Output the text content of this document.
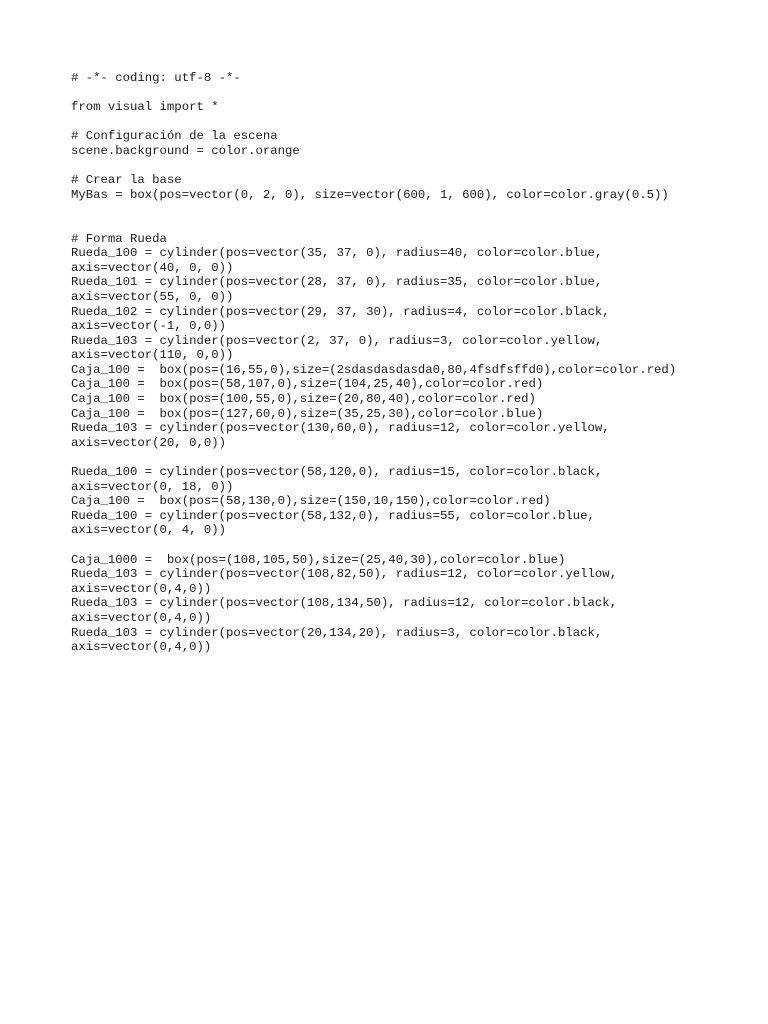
# -*- coding: utf-8 -*-
from visual import *
# Configuración de la escena
scene.background = color.orange
# Crear la base
MyBas = box(pos=vector(0, 2, 0), size=vector(600, 1, 600), color=color.gray(0.5))
# Forma Rueda
Rueda_100 = cylinder(pos=vector(35, 37, 0), radius=40, color=color.blue,
axis=vector(40, 0, 0))
Rueda_101 = cylinder(pos=vector(28, 37, 0), radius=35, color=color.blue,
axis=vector(55, 0, 0))
Rueda_102 = cylinder(pos=vector(29, 37, 30), radius=4, color=color.black,
axis=vector(-1, 0,0))
Rueda_103 = cylinder(pos=vector(2, 37, 0), radius=3, color=color.yellow,
axis=vector(110, 0,0))
Caja_100 =  box(pos=(16,55,0),size=(2sdasdasdasda0,80,4fsdfsffd0),color=color.red)
Caja_100 =  box(pos=(58,107,0),size=(104,25,40),color=color.red)
Caja_100 =  box(pos=(100,55,0),size=(20,80,40),color=color.red)
Caja_100 =  box(pos=(127,60,0),size=(35,25,30),color=color.blue)
Rueda_103 = cylinder(pos=vector(130,60,0), radius=12, color=color.yellow,
axis=vector(20, 0,0))
Rueda_100 = cylinder(pos=vector(58,120,0), radius=15, color=color.black,
axis=vector(0, 18, 0))
Caja_100 =  box(pos=(58,130,0),size=(150,10,150),color=color.red)
Rueda_100 = cylinder(pos=vector(58,132,0), radius=55, color=color.blue,
axis=vector(0, 4, 0))
Caja_1000 =  box(pos=(108,105,50),size=(25,40,30),color=color.blue)
Rueda_103 = cylinder(pos=vector(108,82,50), radius=12, color=color.yellow,
axis=vector(0,4,0))
Rueda_103 = cylinder(pos=vector(108,134,50), radius=12, color=color.black,
axis=vector(0,4,0))
Rueda_103 = cylinder(pos=vector(20,134,20), radius=3, color=color.black,
axis=vector(0,4,0))
